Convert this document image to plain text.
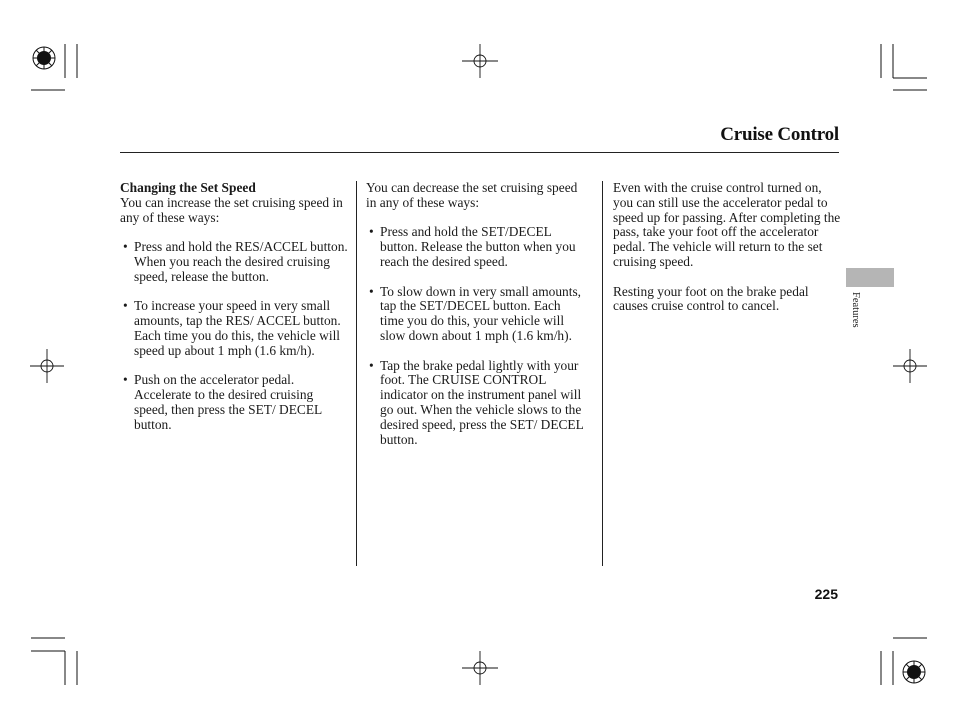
Cruise Control

Changing the Set Speed

You can increase the set cruising speed in any of these ways:

• Press and hold the RES/ACCEL button. When you reach the desired cruising speed, release the button.

• To increase your speed in very small amounts, tap the RES/ ACCEL button. Each time you do this, the vehicle will speed up about 1 mph (1.6 km/h).

• Push on the accelerator pedal. Accelerate to the desired cruising speed, then press the SET/ DECEL button.

You can decrease the set cruising speed in any of these ways:

• Press and hold the SET/DECEL button. Release the button when you reach the desired speed.

• To slow down in very small amounts, tap the SET/DECEL button. Each time you do this, your vehicle will slow down about 1 mph (1.6 km/h).

• Tap the brake pedal lightly with your foot. The CRUISE CONTROL indicator on the instrument panel will go out. When the vehicle slows to the desired speed, press the SET/ DECEL button.

Even with the cruise control turned on, you can still use the accelerator pedal to speed up for passing. After completing the pass, take your foot off the accelerator pedal. The vehicle will return to the set cruising speed.

Resting your foot on the brake pedal causes cruise control to cancel.	Features
225
